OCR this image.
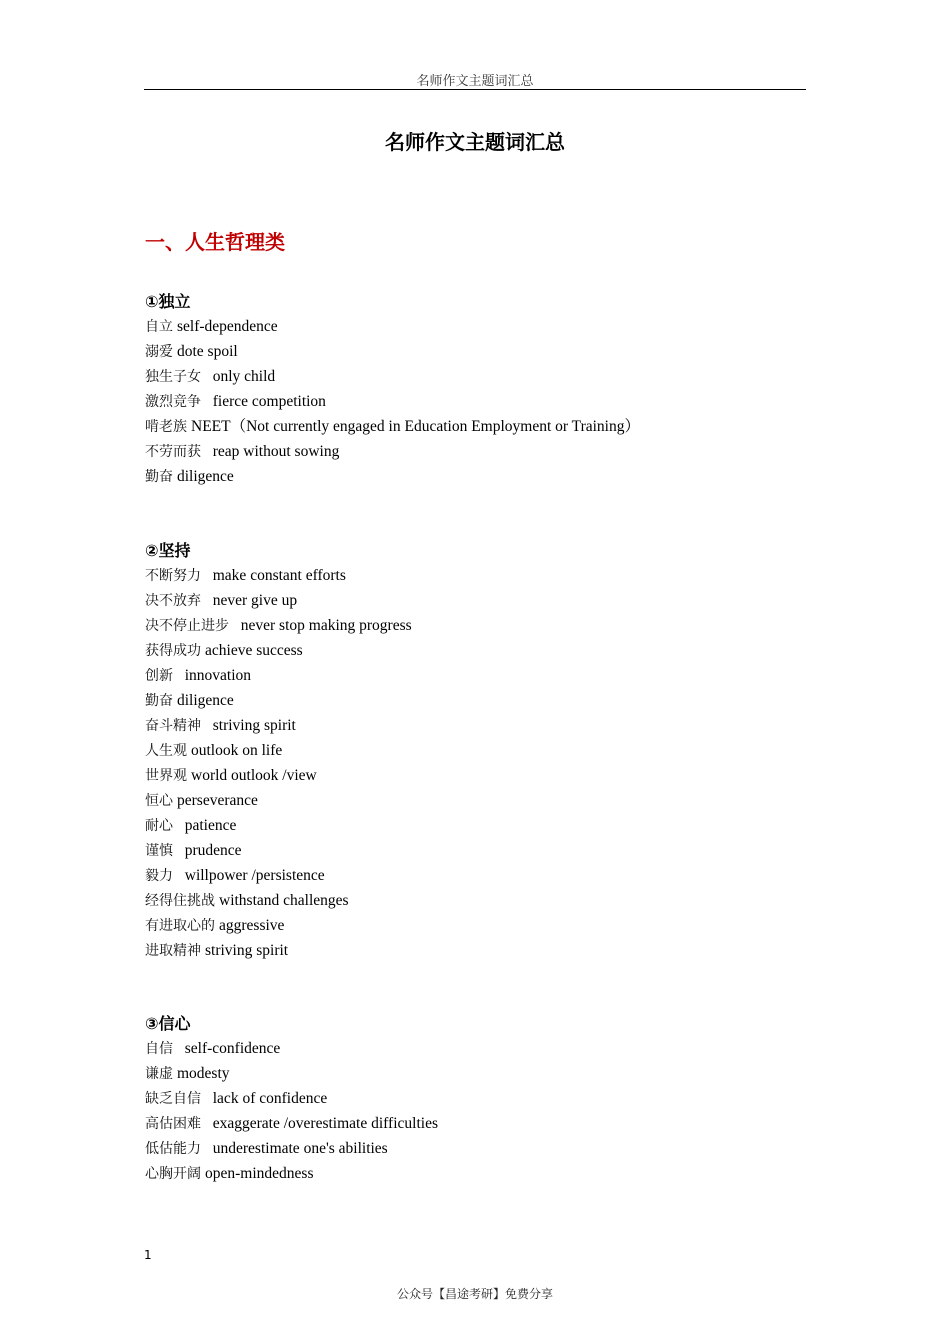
名师作文主题词汇总
名师作文主题词汇总
一、人生哲理类
①独立
自立 self-dependence
溺爱 dote spoil
独生子女  only child
激烈竞争  fierce competition
啃老族 NEET（Not currently engaged in Education Employment or Training）
不劳而获  reap without sowing
勤奋 diligence
②坚持
不断努力  make constant efforts
决不放弃  never give up
决不停止进步  never stop making progress
获得成功 achieve success
创新  innovation
勤奋 diligence
奋斗精神  striving spirit
人生观 outlook on life
世界观 world outlook /view
恒心 perseverance
耐心  patience
谨慎  prudence
毅力  willpower /persistence
经得住挑战 withstand challenges
有进取心的 aggressive
进取精神 striving spirit
③信心
自信  self-confidence
谦虚 modesty
缺乏自信  lack of confidence
高估困难  exaggerate /overestimate difficulties
低估能力  underestimate one's abilities
心胸开阔 open-mindedness
1
公众号【昌途考研】免费分享
